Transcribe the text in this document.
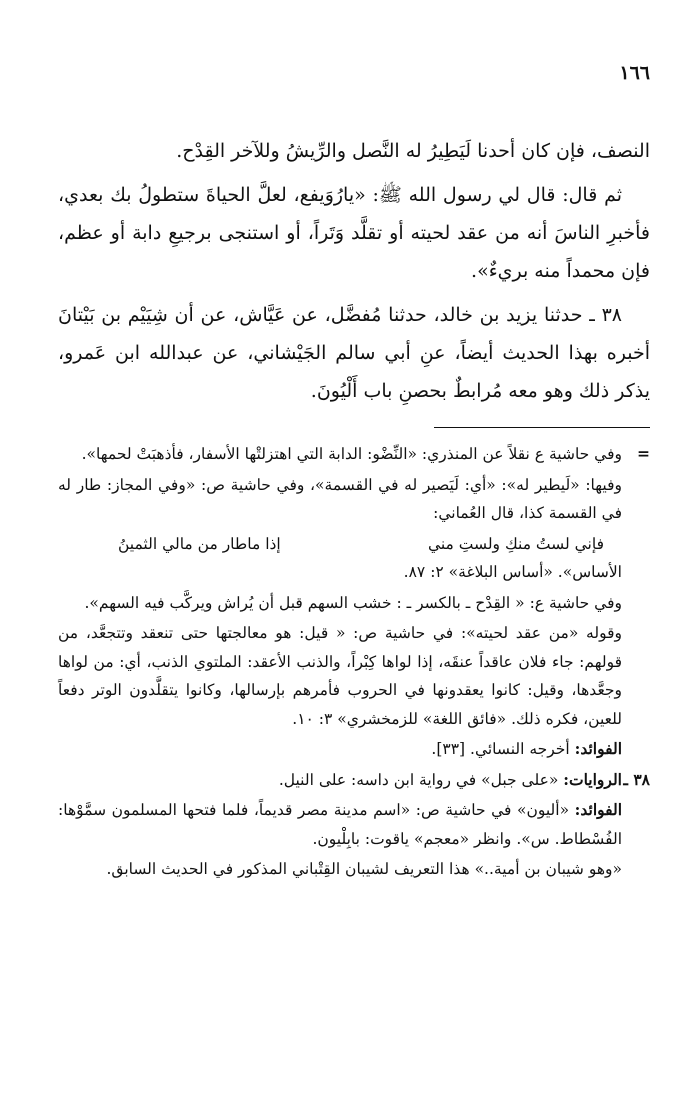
١٦٦

النصف، فإن كان أحدنا لَيَطِيرُ له النَّصل والرِّيشُ وللآخر القِدْح.

ثم قال: قال لي رسول الله ﷺ: «يارُوَيفع، لعلَّ الحياةَ ستطولُ بك بعدي، فأخبرِ الناسَ أنه من عقد لحيته أو تقلَّد وَتَراً، أو استنجى برجيعِ دابة أو عظم، فإن محمداً منه بريءٌ».

٣٨ ـ حدثنا يزيد بن خالد، حدثنا مُفضَّل، عن عَيَّاش، عن أن شِيَيْم بن بَيْتانَ أخبره بهذا الحديث أيضاً، عنِ أبي سالم الجَيْشاني، عن عبدالله ابن عَمرو، يذكر ذلك وهو معه مُرابطٌ بحصنِ باب أَلْيُونَ.

=

وفي حاشية ع نقلاً عن المنذري: «النِّضْو: الدابة التي اهتزلتْها الأسفار، فأذهبَتْ لحمها».

وفيها: «لَيطير له»: «أي: لَيَصير له في القسمة»، وفي حاشية ص: «وفي المجاز: طار له في القسمة كذا، قال العُماني:

فإني لستُ منكِ ولستِ مني
إذا ماطار من مالي الثمينُ

الأساس». «أساس البلاغة» ٢: ٨٧.

وفي حاشية ع: « القِدْح ـ بالكسر ـ : خشب السهم قبل أن يُراش ويركَّب فيه السهم».

وقوله «من عقد لحيته»: في حاشية ص: « قيل: هو معالجتها حتى تنعقد وتتجعَّد، من قولهم: جاء فلان عاقداً عنقَه، إذا لواها كِبْراً، والذنب الأعقد: الملتوي الذنب، أي: من لواها وجعَّدها، وقيل: كانوا يعقدونها في الحروب فأمرهم بإرسالها، وكانوا يتقلَّدون الوتر دفعاً للعين، فكره ذلك. «فائق اللغة» للزمخشري» ٣: ١٠.

الفوائد: أخرجه النسائي. [٣٣].

٣٨ ـ

الروايات: «على جبل» في رواية ابن داسه: على النيل.

الفوائد: «أليون» في حاشية ص: «اسم مدينة مصر قديماً، فلما فتحها المسلمون سمَّوْها: الفُسْطاط. س». وانظر «معجم» ياقوت: بابِلْيون.

«وهو شيبان بن أمية..» هذا التعريف لشيبان القِتْباني المذكور في الحديث السابق.
